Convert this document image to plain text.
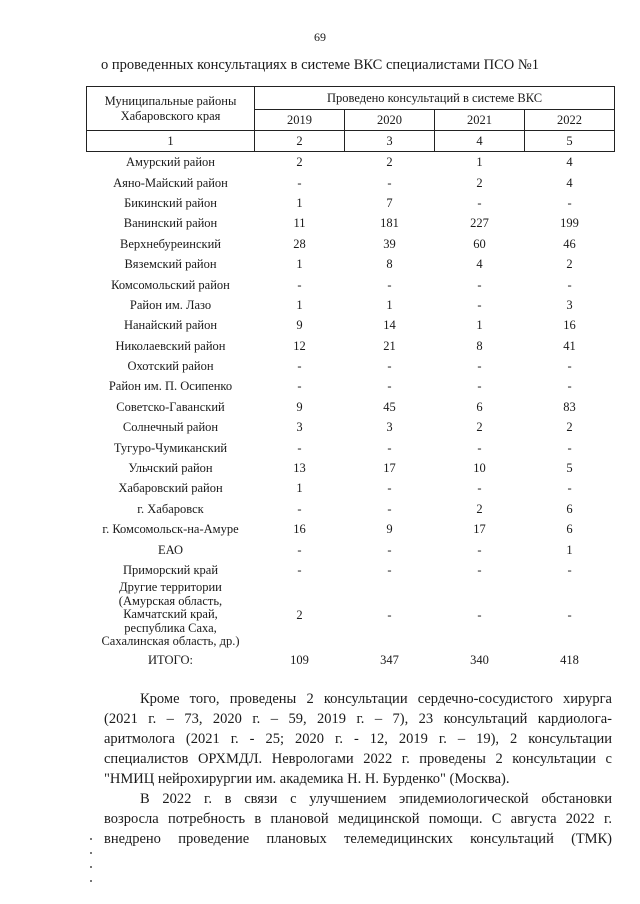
69
о проведенных консультациях в системе ВКС специалистами ПСО №1
Муниципальные районы
Хабаровского края	Проведено консультаций в системе ВКС			
	2019	2020	2021	2022
1	2	3	4	5
Амурский район	2	2	1	4
Аяно-Майский район	-	-	2	4
Бикинский район	1	7	-	-
Ванинский район	11	181	227	199
Верхнебуреинский	28	39	60	46
Вяземский район	1	8	4	2
Комсомольский район	-	-	-	-
Район им. Лазо	1	1	-	3
Нанайский район	9	14	1	16
Николаевский район	12	21	8	41
Охотский район	-	-	-	-
Район им. П. Осипенко	-	-	-	-
Советско-Гаванский	9	45	6	83
Солнечный район	3	3	2	2
Тугуро-Чумиканский	-	-	-	-
Ульчский район	13	17	10	5
Хабаровский район	1	-	-	-
г. Хабаровск	-	-	2	6
г. Комсомольск-на-Амуре	16	9	17	6
ЕАО	-	-	-	1
Приморский край	-	-	-	-
Другие территории
(Амурская область,
Камчатский край,
республика Саха,
Сахалинская область, др.)	2	-	-	-
ИТОГО:	109	347	340	418
Кроме того, проведены 2 консультации сердечно-сосудистого хирурга
(2021 г. – 73, 2020 г. – 59, 2019 г. – 7), 23 консультаций кардиолога-
аритмолога (2021 г. - 25; 2020 г. - 12, 2019 г. – 19), 2 консультации
специалистов ОРХМДЛ. Неврологами 2022 г. проведены 2 консультации с
"НМИЦ нейрохирургии им. академика Н. Н. Бурденко" (Москва).
В 2022 г. в связи с улучшением эпидемиологической обстановки
возросла потребность в плановой медицинской помощи. С августа 2022 г.
внедрено проведение плановых телемедицинских консультаций (ТМК)
